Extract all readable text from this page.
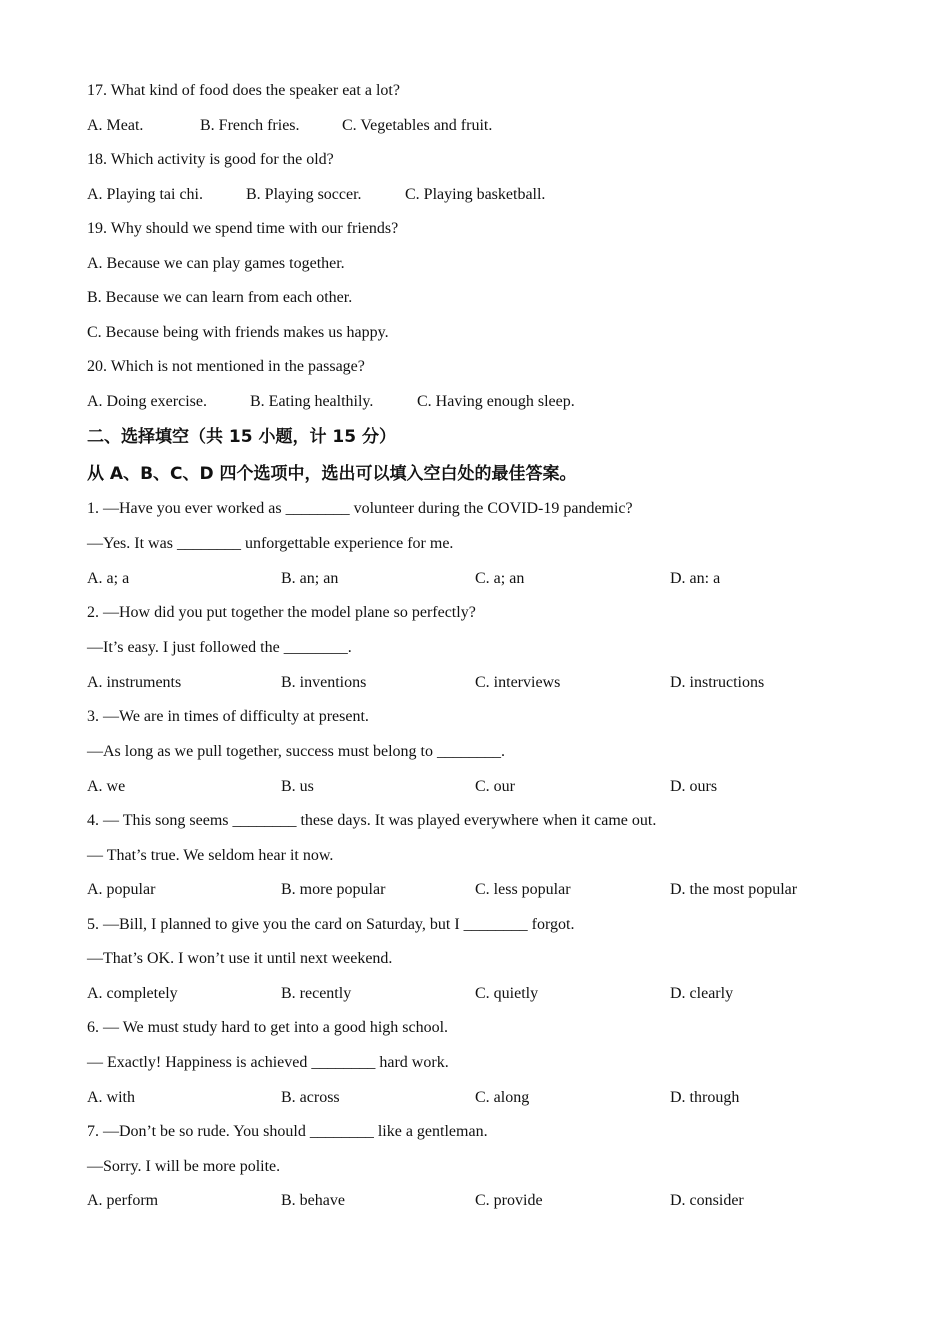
17. What kind of food does the speaker eat a lot?
A. Meat.	B. French fries.	C. Vegetables and fruit.
18. Which activity is good for the old?
A. Playing tai chi.	B. Playing soccer.	C. Playing basketball.
19. Why should we spend time with our friends?
A. Because we can play games together.
B. Because we can learn from each other.
C. Because being with friends makes us happy.
20. Which is not mentioned in the passage?
A. Doing exercise.	B. Eating healthily.	C. Having enough sleep.
二、选择填空（共 15 小题，计 15 分）
从 A、B、C、D 四个选项中，选出可以填入空白处的最佳答案。
1. —Have you ever worked as ________ volunteer during the COVID-19 pandemic?
—Yes. It was ________ unforgettable experience for me.
A. a; a	B. an; an	C. a; an	D. an: a
2. —How did you put together the model plane so perfectly?
—It’s easy. I just followed the ________.
A. instruments	B. inventions	C. interviews	D. instructions
3. —We are in times of difficulty at present.
—As long as we pull together, success must belong to ________.
A. we	B. us	C. our	D. ours
4. — This song seems ________ these days. It was played everywhere when it came out.
— That’s true. We seldom hear it now.
A. popular	B. more popular	C. less popular	D. the most popular
5. —Bill, I planned to give you the card on Saturday, but I ________ forgot.
—That’s OK. I won’t use it until next weekend.
A. completely	B. recently	C. quietly	D. clearly
6. — We must study hard to get into a good high school.
— Exactly! Happiness is achieved ________ hard work.
A. with	B. across	C. along	D. through
7. —Don’t be so rude. You should ________ like a gentleman.
—Sorry. I will be more polite.
A. perform	B. behave	C. provide	D. consider
